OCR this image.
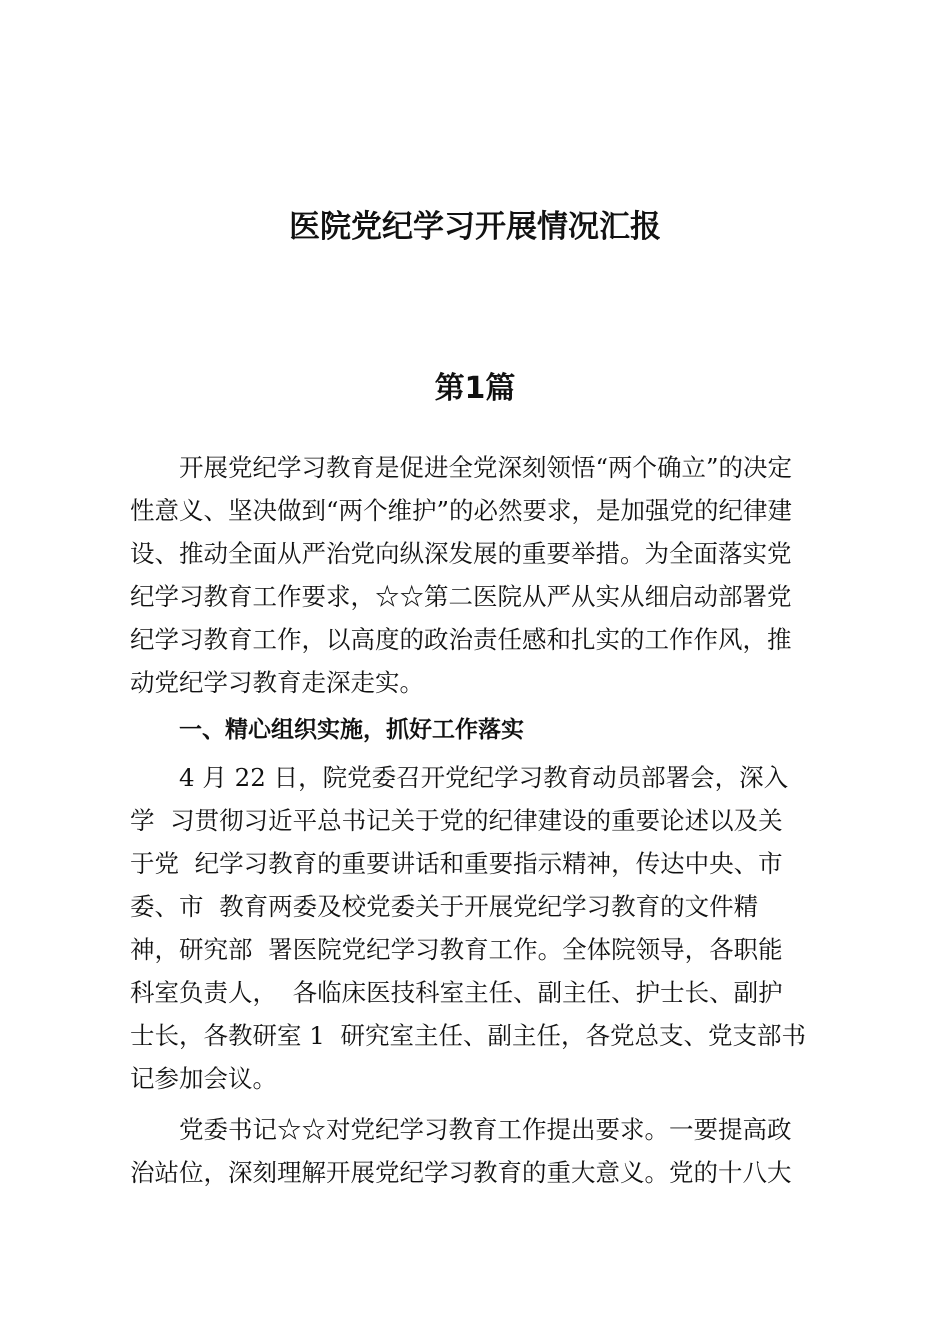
医院党纪学习开展情况汇报
第1篇
开展党纪学习教育是促进全党深刻领悟“两个确立”的决定
性意义、坚决做到“两个维护”的必然要求，是加强党的纪律建
设、推动全面从严治党向纵深发展的重要举措。为全面落实党
纪学习教育工作要求，☆☆第二医院从严从实从细启动部署党
纪学习教育工作，以高度的政治责任感和扎实的工作作风，推
动党纪学习教育走深走实。
一、精心组织实施，抓好工作落实
4 月 22 日，院党委召开党纪学习教育动员部署会，深入
学  习贯彻习近平总书记关于党的纪律建设的重要论述以及关
于党  纪学习教育的重要讲话和重要指示精神，传达中央、市
委、市  教育两委及校党委关于开展党纪学习教育的文件精
神，研究部  署医院党纪学习教育工作。全体院领导，各职能
科室负责人，  各临床医技科室主任、副主任、护士长、副护
士长，各教研室 1  研究室主任、副主任，各党总支、党支部书
记参加会议。
党委书记☆☆对党纪学习教育工作提出要求。一要提高政
治站位，深刻理解开展党纪学习教育的重大意义。党的十八大
